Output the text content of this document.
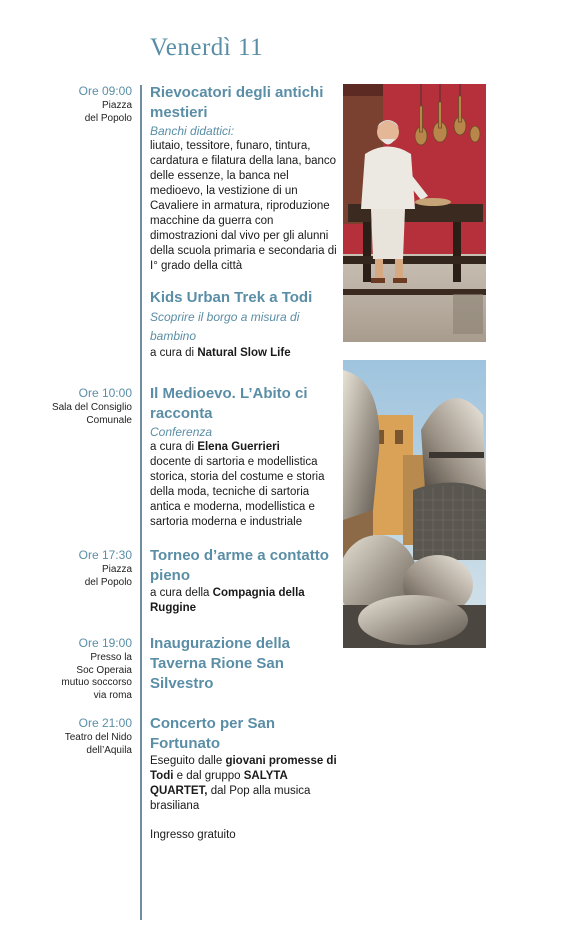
Venerdì 11
Ore 09:00
Piazza
del Popolo
Rievocatori degli antichi mestieri
Banchi didattici:
liutaio, tessitore, funaro, tintura, cardatura e filatura della lana, banco delle essenze, la banca nel medioevo, la vestizione di un Cavaliere in armatura, riproduzione macchine da guerra con dimostrazioni dal vivo per gli alunni della scuola primaria e secondaria di I° grado della città
Kids Urban Trek a Todi
Scoprire il borgo a misura di bambino
a cura di Natural Slow Life
Ore 10:00
Sala del Consiglio
Comunale
Il Medioevo. L’Abito ci racconta
Conferenza
a cura di Elena Guerrieri
docente di sartoria e modellistica storica, storia del costume e storia della moda, tecniche di sartoria antica e moderna, modellistica e sartoria moderna e industriale
Ore 17:30
Piazza
del Popolo
Torneo d’arme a contatto pieno
a cura della Compagnia della Ruggine
Ore 19:00
Presso la
Soc Operaia
mutuo soccorso
via roma
Inaugurazione della Taverna Rione San Silvestro
Ore 21:00
Teatro del Nido
dell’Aquila
Concerto per San Fortunato
Eseguito dalle giovani promesse di Todi e dal gruppo SALYTA QUARTET, dal Pop alla musica brasiliana
Ingresso gratuito
